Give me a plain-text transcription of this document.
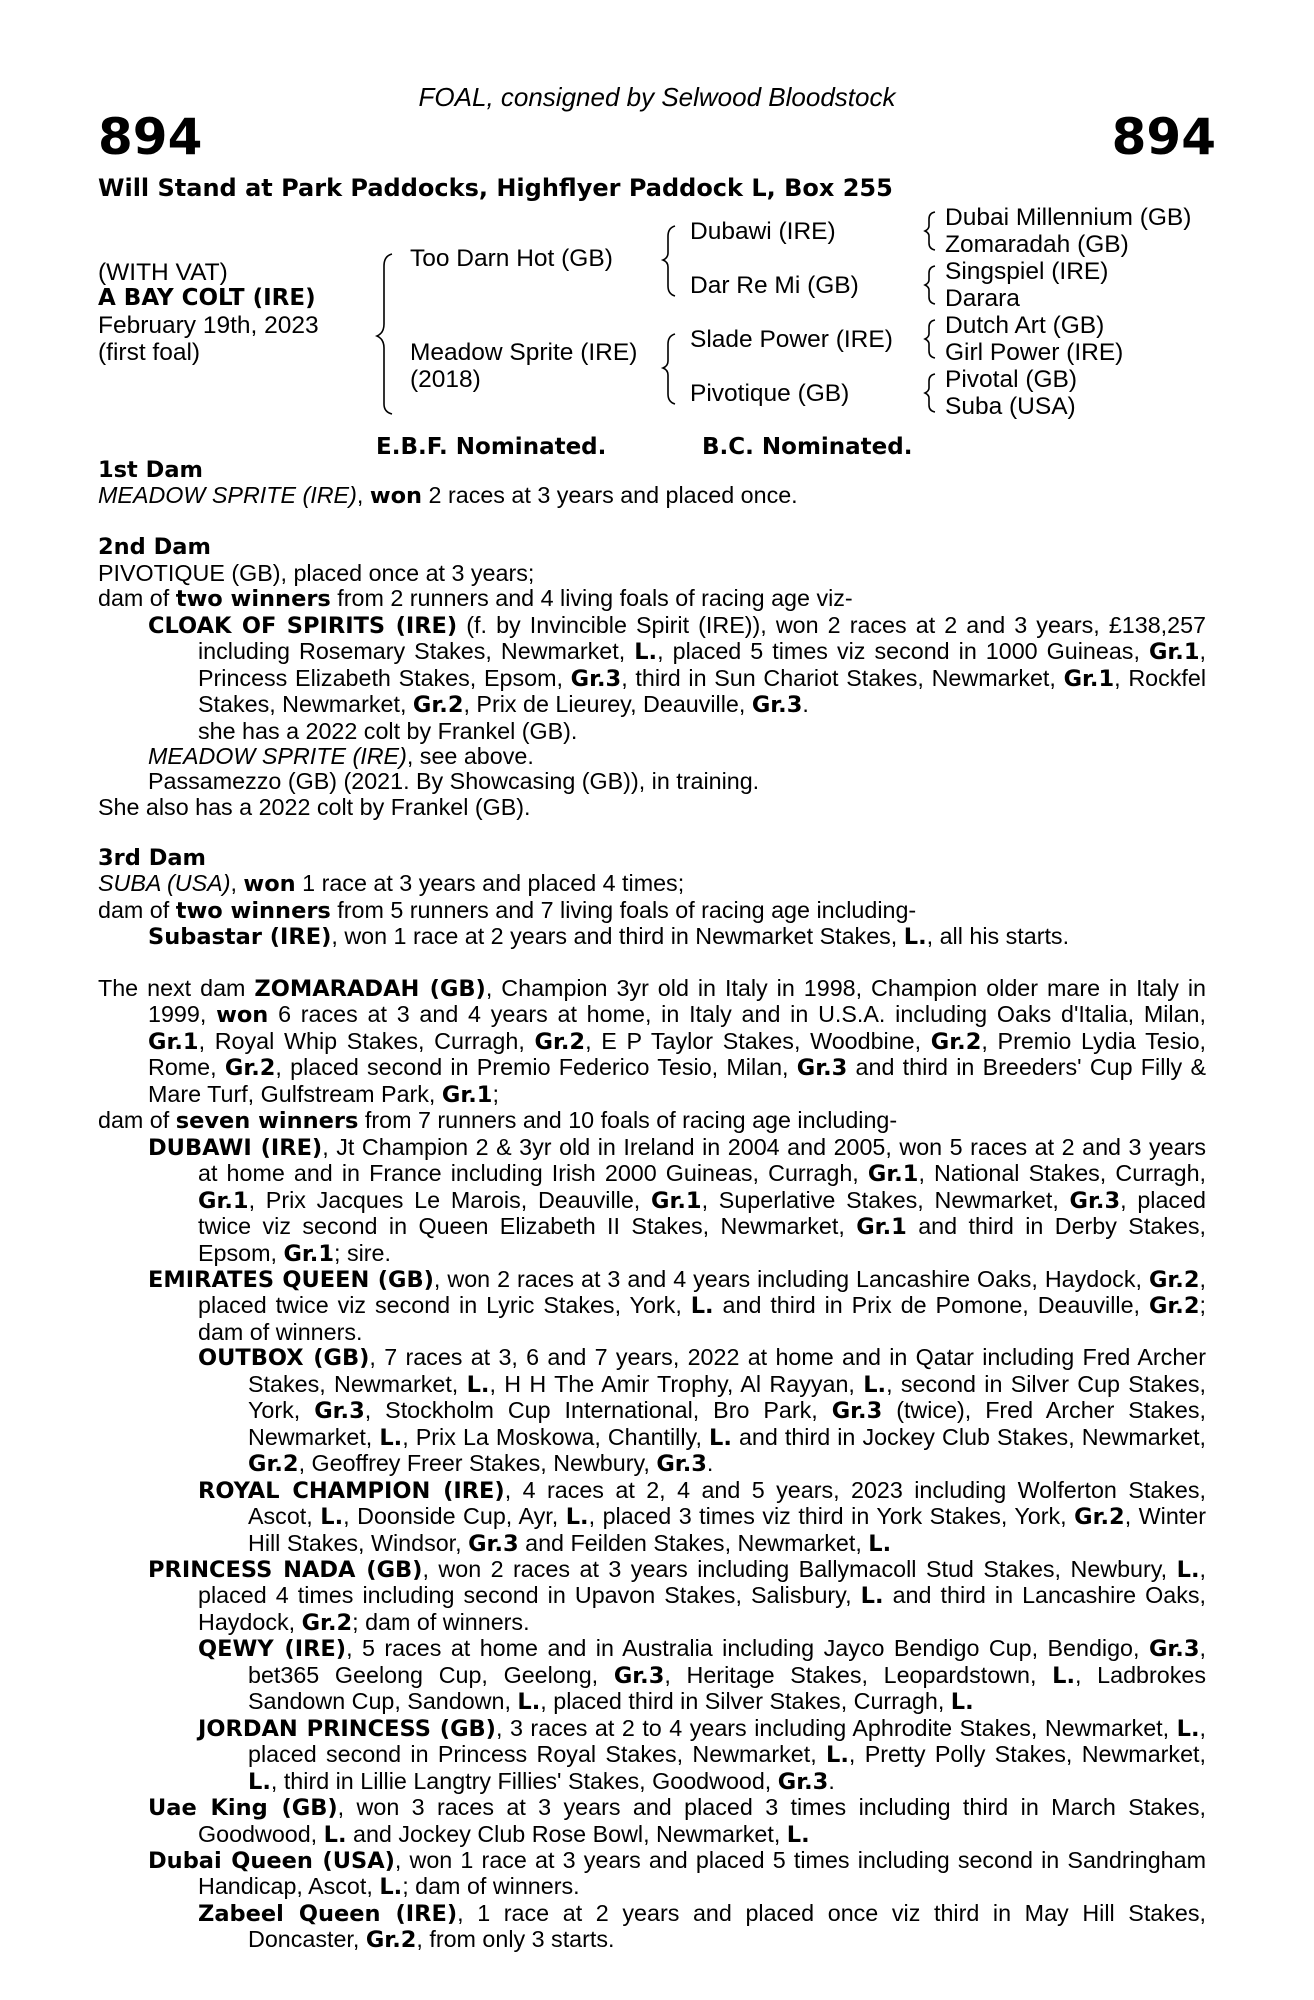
FOAL, consigned by Selwood Bloodstock
894	894
Will Stand at Park Paddocks, Highflyer Paddock L, Box 255
(WITH VAT)
A BAY COLT (IRE)
February 19th, 2023
(first foal)
Too Darn Hot (GB)
Meadow Sprite (IRE)
(2018)
Dubawi (IRE)
Dar Re Mi (GB)
Slade Power (IRE)
Pivotique (GB)
Dubai Millennium (GB)
Zomaradah (GB)
Singspiel (IRE)
Darara
Dutch Art (GB)
Girl Power (IRE)
Pivotal (GB)
Suba (USA)
E.B.F. Nominated.	B.C. Nominated.

1st Dam

MEADOW SPRITE (IRE), won 2 races at 3 years and placed once.

2nd Dam

PIVOTIQUE (GB), placed once at 3 years;

dam of two winners from 2 runners and 4 living foals of racing age viz-

CLOAK OF SPIRITS (IRE) (f. by Invincible Spirit (IRE)), won 2 races at 2 and 3 years, £138,257 including Rosemary Stakes, Newmarket, L., placed 5 times viz second in 1000 Guineas, Gr.1, Princess Elizabeth Stakes, Epsom, Gr.3, third in Sun Chariot Stakes, Newmarket, Gr.1, Rockfel Stakes, Newmarket, Gr.2, Prix de Lieurey, Deauville, Gr.3.
she has a 2022 colt by Frankel (GB).

MEADOW SPRITE (IRE), see above.

Passamezzo (GB) (2021. By Showcasing (GB)), in training.

She also has a 2022 colt by Frankel (GB).

3rd Dam

SUBA (USA), won 1 race at 3 years and placed 4 times;

dam of two winners from 5 runners and 7 living foals of racing age including-

Subastar (IRE), won 1 race at 2 years and third in Newmarket Stakes, L., all his starts.

The next dam ZOMARADAH (GB), Champion 3yr old in Italy in 1998, Champion older mare in Italy in 1999, won 6 races at 3 and 4 years at home, in Italy and in U.S.A. including Oaks d'Italia, Milan, Gr.1, Royal Whip Stakes, Curragh, Gr.2, E P Taylor Stakes, Woodbine, Gr.2, Premio Lydia Tesio, Rome, Gr.2, placed second in Premio Federico Tesio, Milan, Gr.3 and third in Breeders' Cup Filly & Mare Turf, Gulfstream Park, Gr.1;

dam of seven winners from 7 runners and 10 foals of racing age including-

DUBAWI (IRE), Jt Champion 2 & 3yr old in Ireland in 2004 and 2005, won 5 races at 2 and 3 years at home and in France including Irish 2000 Guineas, Curragh, Gr.1, National Stakes, Curragh, Gr.1, Prix Jacques Le Marois, Deauville, Gr.1, Superlative Stakes, Newmarket, Gr.3, placed twice viz second in Queen Elizabeth II Stakes, Newmarket, Gr.1 and third in Derby Stakes, Epsom, Gr.1; sire.
EMIRATES QUEEN (GB), won 2 races at 3 and 4 years including Lancashire Oaks, Haydock, Gr.2, placed twice viz second in Lyric Stakes, York, L. and third in Prix de Pomone, Deauville, Gr.2; dam of winners.
OUTBOX (GB), 7 races at 3, 6 and 7 years, 2022 at home and in Qatar including Fred Archer Stakes, Newmarket, L., H H The Amir Trophy, Al Rayyan, L., second in Silver Cup Stakes, York, Gr.3, Stockholm Cup International, Bro Park, Gr.3 (twice), Fred Archer Stakes, Newmarket, L., Prix La Moskowa, Chantilly, L. and third in Jockey Club Stakes, Newmarket, Gr.2, Geoffrey Freer Stakes, Newbury, Gr.3.
ROYAL CHAMPION (IRE), 4 races at 2, 4 and 5 years, 2023 including Wolferton Stakes, Ascot, L., Doonside Cup, Ayr, L., placed 3 times viz third in York Stakes, York, Gr.2, Winter Hill Stakes, Windsor, Gr.3 and Feilden Stakes, Newmarket, L.
PRINCESS NADA (GB), won 2 races at 3 years including Ballymacoll Stud Stakes, Newbury, L., placed 4 times including second in Upavon Stakes, Salisbury, L. and third in Lancashire Oaks, Haydock, Gr.2; dam of winners.
QEWY (IRE), 5 races at home and in Australia including Jayco Bendigo Cup, Bendigo, Gr.3, bet365 Geelong Cup, Geelong, Gr.3, Heritage Stakes, Leopardstown, L., Ladbrokes Sandown Cup, Sandown, L., placed third in Silver Stakes, Curragh, L.
JORDAN PRINCESS (GB), 3 races at 2 to 4 years including Aphrodite Stakes, Newmarket, L., placed second in Princess Royal Stakes, Newmarket, L., Pretty Polly Stakes, Newmarket, L., third in Lillie Langtry Fillies' Stakes, Goodwood, Gr.3.
Uae King (GB), won 3 races at 3 years and placed 3 times including third in March Stakes, Goodwood, L. and Jockey Club Rose Bowl, Newmarket, L.
Dubai Queen (USA), won 1 race at 3 years and placed 5 times including second in Sandringham Handicap, Ascot, L.; dam of winners.
Zabeel Queen (IRE), 1 race at 2 years and placed once viz third in May Hill Stakes, Doncaster, Gr.2, from only 3 starts.
